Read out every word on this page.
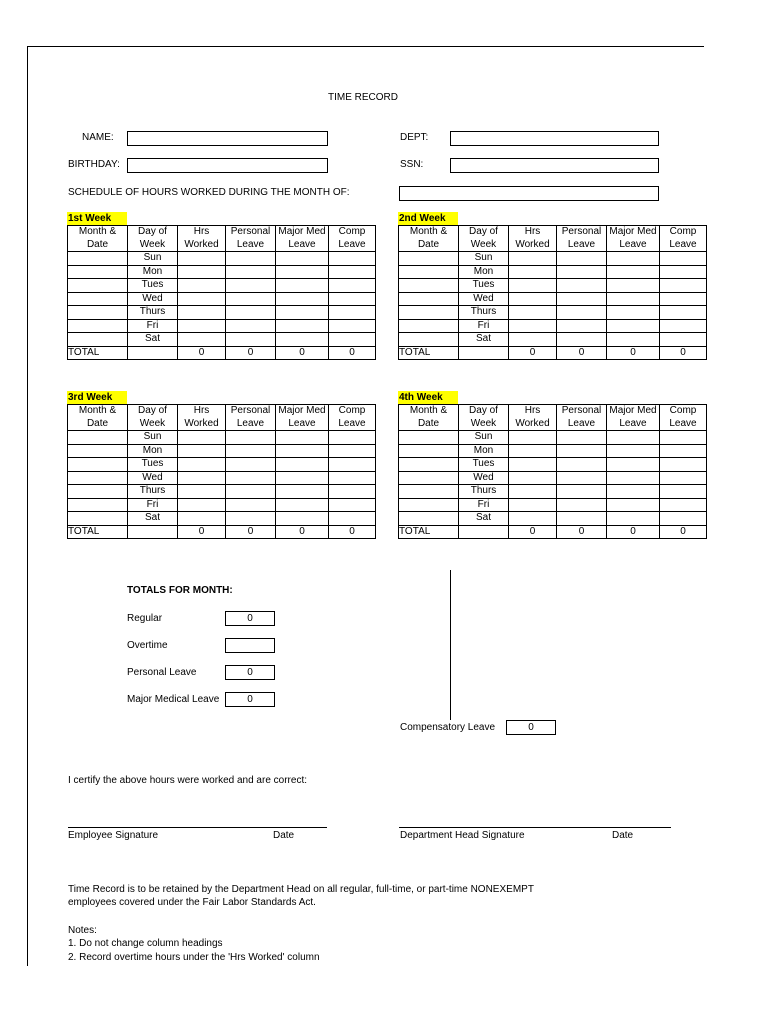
TIME RECORD
NAME:	DEPT:
BIRTHDAY:	SSN:
SCHEDULE OF HOURS WORKED DURING THE MONTH OF:
1st Week
Month &	Day of	Hrs	Personal	Major Med	Comp
Date	Week	Worked	Leave	Leave	Leave
	Sun				
	Mon				
	Tues				
	Wed				
	Thurs				
	Fri				
	Sat				
TOTAL		0	0	0	0
2nd Week
Month &	Day of	Hrs	Personal	Major Med	Comp
Date	Week	Worked	Leave	Leave	Leave
	Sun				
	Mon				
	Tues				
	Wed				
	Thurs				
	Fri				
	Sat				
TOTAL		0	0	0	0
3rd Week
Month &	Day of	Hrs	Personal	Major Med	Comp
Date	Week	Worked	Leave	Leave	Leave
	Sun				
	Mon				
	Tues				
	Wed				
	Thurs				
	Fri				
	Sat				
TOTAL		0	0	0	0
4th Week
Month &	Day of	Hrs	Personal	Major Med	Comp
Date	Week	Worked	Leave	Leave	Leave
	Sun				
	Mon				
	Tues				
	Wed				
	Thurs				
	Fri				
	Sat				
TOTAL		0	0	0	0
TOTALS FOR MONTH:
Regular	0
Overtime
Personal Leave	0
Major Medical Leave	0
Compensatory Leave	0
I certify the above hours were worked and are correct:
Employee Signature	Date	Department Head Signature	Date
Time Record is to be retained by the Department Head on all regular, full-time, or part-time NONEXEMPT
employees covered under the Fair Labor Standards Act.
Notes:
1. Do not change column headings
2. Record overtime hours under the 'Hrs Worked' column
